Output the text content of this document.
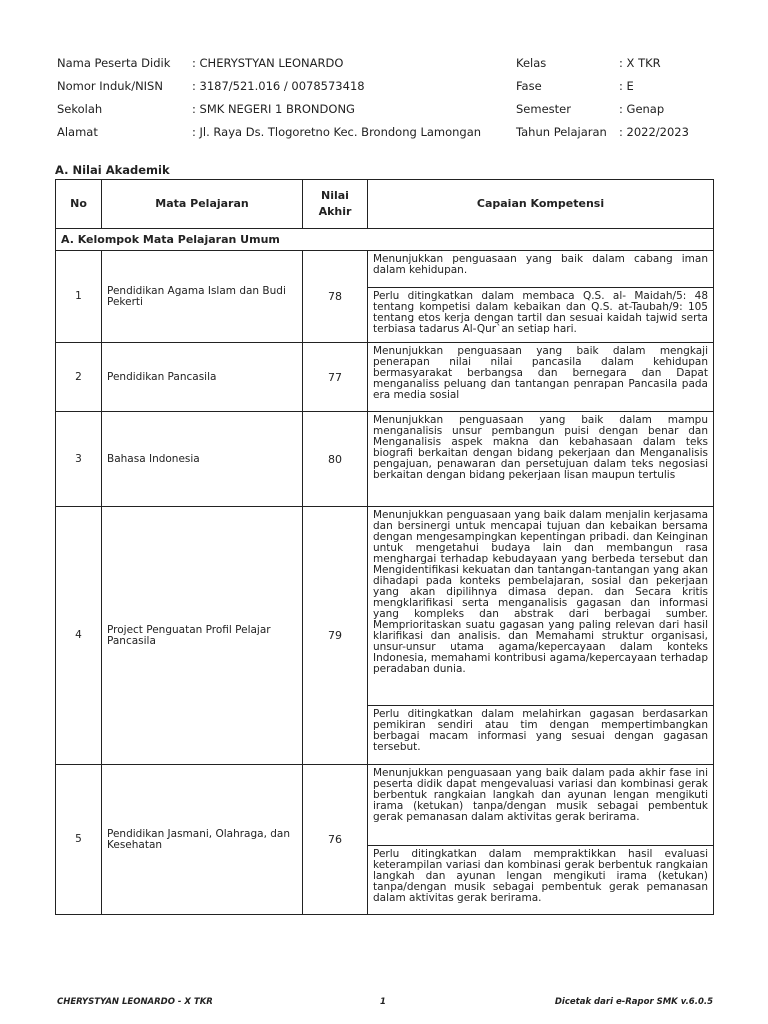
Nama Peserta Didik : CHERYSTYAN LEONARDO
Nomor Induk/NISN	: 3187/521.016 / 0078573418
Sekolah	: SMK NEGERI 1 BRONDONG
Alamat	: Jl. Raya Ds. Tlogoretno Kec. Brondong Lamongan
Kelas	: X TKR
Fase	: E
Semester	: Genap
Tahun Pelajaran : 2022/2023
A. Nilai Akademik
No	Mata Pelajaran	Nilai
Akhir	Capaian Kompetensi
A. Kelompok Mata Pelajaran Umum			
1	Pendidikan Agama Islam dan Budi Pekerti	78	Menunjukkan penguasaan yang baik dalam cabang iman dalam kehidupan.
Perlu ditingkatkan dalam membaca Q.S. al- Maidah/5: 48 tentang kompetisi dalam kebaikan dan Q.S. at-Taubah/9: 105 tentang etos kerja dengan tartil dan sesuai kaidah tajwid serta terbiasa tadarus Al-Qur`an setiap hari.

2	Pendidikan Pancasila	77	Menunjukkan penguasaan yang baik dalam mengkaji penerapan nilai nilai pancasila dalam kehidupan bermasyarakat berbangsa dan bernegara dan Dapat menganaliss peluang dan tantangan penrapan Pancasila pada era media sosial

3	Bahasa Indonesia	80	Menunjukkan penguasaan yang baik dalam mampu menganalisis unsur pembangun puisi dengan benar dan Menganalisis aspek makna dan kebahasaan dalam teks biografi berkaitan dengan bidang pekerjaan dan Menganalisis pengajuan, penawaran dan persetujuan dalam teks negosiasi berkaitan dengan bidang pekerjaan lisan maupun tertulis

4	Project Penguatan Profil Pelajar Pancasila	79	Menunjukkan penguasaan yang baik dalam menjalin kerjasama dan bersinergi untuk mencapai tujuan dan kebaikan bersama dengan mengesampingkan kepentingan pribadi. dan Keinginan untuk mengetahui budaya lain dan membangun rasa menghargai terhadap kebudayaan yang berbeda tersebut dan Mengidentifikasi kekuatan dan tantangan-tantangan yang akan dihadapi pada konteks pembelajaran, sosial dan pekerjaan yang akan dipilihnya dimasa depan. dan Secara kritis mengklarifikasi serta menganalisis gagasan dan informasi yang kompleks dan abstrak dari berbagai sumber. Memprioritaskan suatu gagasan yang paling relevan dari hasil klarifikasi dan analisis. dan Memahami struktur organisasi, unsur-unsur utama agama/kepercayaan dalam konteks Indonesia, memahami kontribusi agama/kepercayaan terhadap peradaban dunia.
Perlu ditingkatkan dalam melahirkan gagasan berdasarkan pemikiran sendiri atau tim dengan mempertimbangkan berbagai macam informasi yang sesuai dengan gagasan tersebut.

5	Pendidikan Jasmani, Olahraga, dan Kesehatan	76	Menunjukkan penguasaan yang baik dalam pada akhir fase ini peserta didik dapat mengevaluasi variasi dan kombinasi gerak berbentuk rangkaian langkah dan ayunan lengan mengikuti irama (ketukan) tanpa/dengan musik sebagai pembentuk gerak pemanasan dalam aktivitas gerak berirama.
Perlu ditingkatkan dalam mempraktikkan hasil evaluasi keterampilan variasi dan kombinasi gerak berbentuk rangkaian langkah dan ayunan lengan mengikuti irama (ketukan) tanpa/dengan musik sebagai pembentuk gerak pemanasan dalam aktivitas gerak berirama.
CHERYSTYAN LEONARDO - X TKR	1	Dicetak dari e-Rapor SMK v.6.0.5
